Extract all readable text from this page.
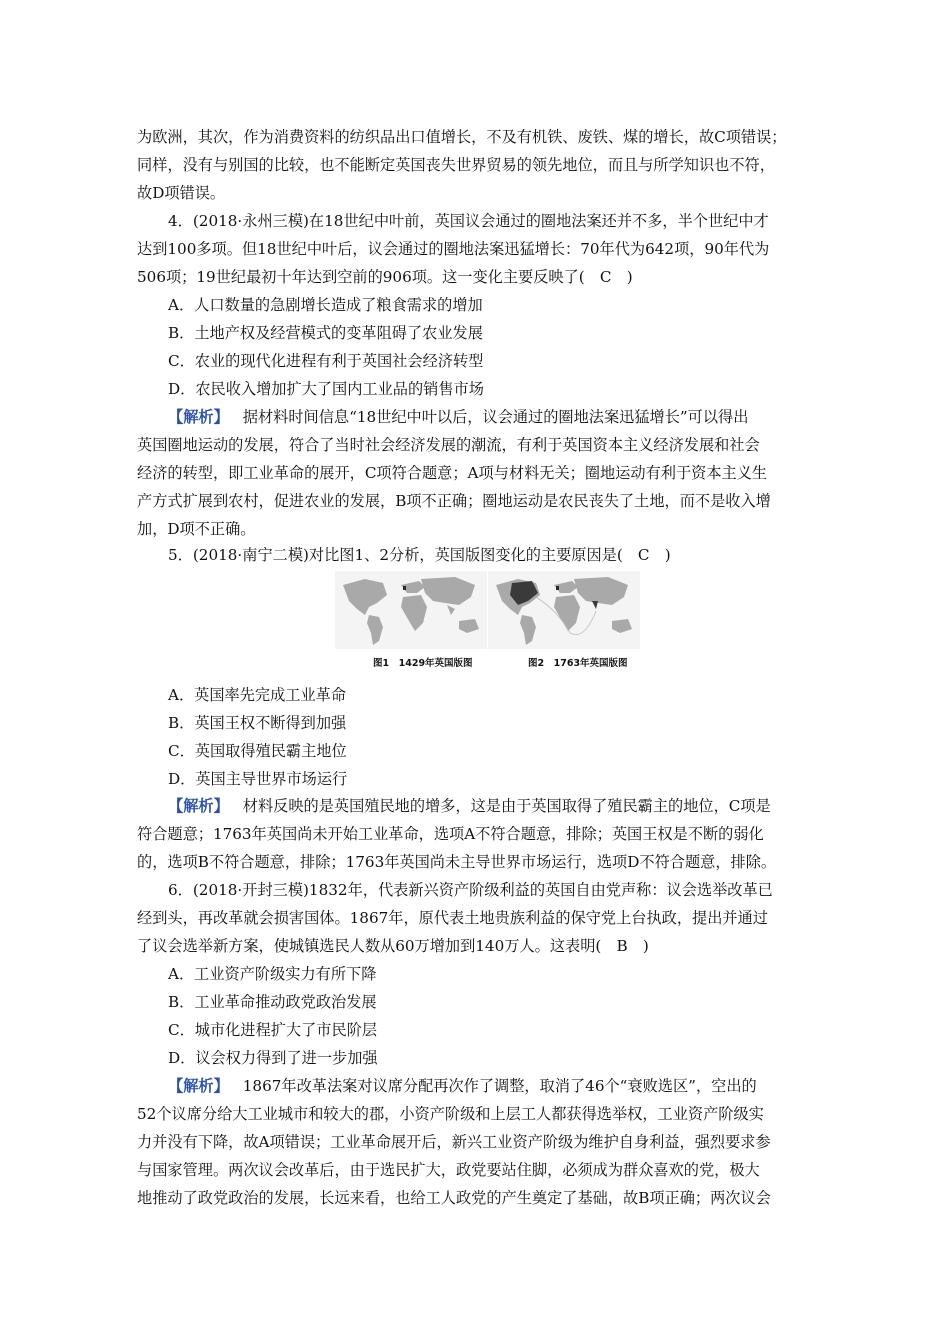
为欧洲，其次，作为消费资料的纺织品出口值增长，不及有机铁、废铁、煤的增长，故C项错误；
同样，没有与别国的比较，也不能断定英国丧失世界贸易的领先地位，而且与所学知识也不符，
故D项错误。
4．(2018·永州三模)在18世纪中叶前，英国议会通过的圈地法案还并不多，半个世纪中才
达到100多项。但18世纪中叶后，议会通过的圈地法案迅猛增长：70年代为642项，90年代为
506项；19世纪最初十年达到空前的906项。这一变化主要反映了(　C　)
A．人口数量的急剧增长造成了粮食需求的增加
B．土地产权及经营模式的变革阻碍了农业发展
C．农业的现代化进程有利于英国社会经济转型
D．农民收入增加扩大了国内工业品的销售市场
【解析】 据材料时间信息“18世纪中叶以后，议会通过的圈地法案迅猛增长”可以得出
英国圈地运动的发展，符合了当时社会经济发展的潮流，有利于英国资本主义经济发展和社会
经济的转型，即工业革命的展开，C项符合题意；A项与材料无关；圈地运动有利于资本主义生
产方式扩展到农村，促进农业的发展，B项不正确；圈地运动是农民丧失了土地，而不是收入增
加，D项不正确。
5．(2018·南宁二模)对比图1、2分析，英国版图变化的主要原因是(　C　)
图1　1429年英国版图	图2　1763年英国版图
A．英国率先完成工业革命
B．英国王权不断得到加强
C．英国取得殖民霸主地位
D．英国主导世界市场运行
【解析】 材料反映的是英国殖民地的增多，这是由于英国取得了殖民霸主的地位，C项是
符合题意；1763年英国尚未开始工业革命，选项A不符合题意，排除；英国王权是不断的弱化
的，选项B不符合题意，排除；1763年英国尚未主导世界市场运行，选项D不符合题意，排除。
6．(2018·开封三模)1832年，代表新兴资产阶级利益的英国自由党声称：议会选举改革已
经到头，再改革就会损害国体。1867年，原代表土地贵族利益的保守党上台执政，提出并通过
了议会选举新方案，使城镇选民人数从60万增加到140万人。这表明(　B　)
A．工业资产阶级实力有所下降
B．工业革命推动政党政治发展
C．城市化进程扩大了市民阶层
D．议会权力得到了进一步加强
【解析】 1867年改革法案对议席分配再次作了调整，取消了46个“衰败选区”，空出的
52个议席分给大工业城市和较大的郡，小资产阶级和上层工人都获得选举权，工业资产阶级实
力并没有下降，故A项错误；工业革命展开后，新兴工业资产阶级为维护自身利益，强烈要求参
与国家管理。两次议会改革后，由于选民扩大，政党要站住脚，必须成为群众喜欢的党，极大
地推动了政党政治的发展，长远来看，也给工人政党的产生奠定了基础，故B项正确；两次议会
